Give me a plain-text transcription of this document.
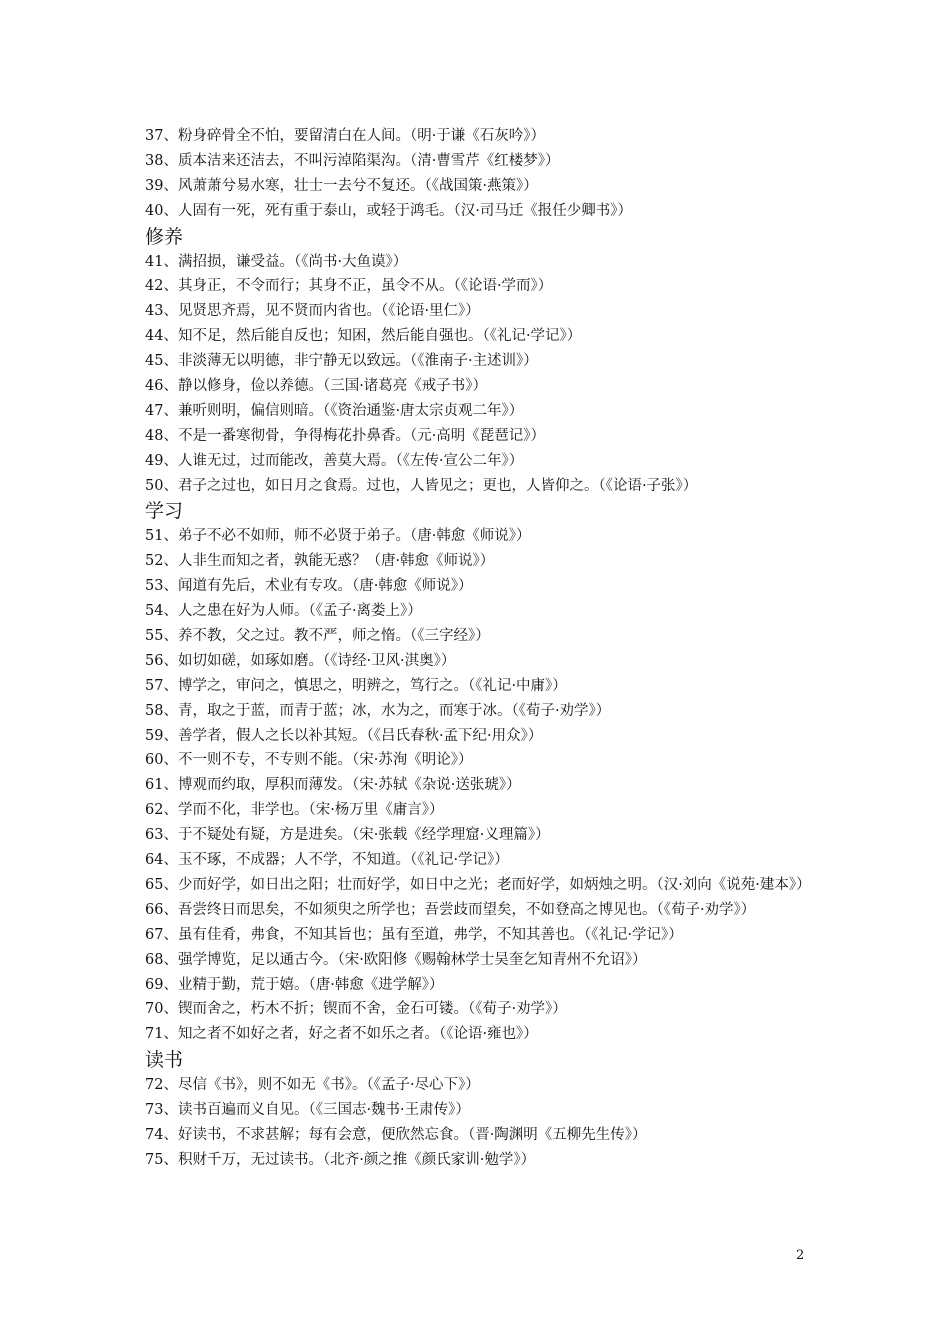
37、粉身碎骨全不怕，要留清白在人间。（明·于谦《石灰吟》）
38、质本洁来还洁去，不叫污淖陷渠沟。（清·曹雪芹《红楼梦》）
39、风萧萧兮易水寒，壮士一去兮不复还。（《战国策·燕策》）
40、人固有一死，死有重于泰山，或轻于鸿毛。（汉·司马迁《报任少卿书》）
修养
41、满招损，谦受益。（《尚书·大鱼谟》）
42、其身正，不令而行；其身不正，虽令不从。（《论语·学而》）
43、见贤思齐焉，见不贤而内省也。（《论语·里仁》）
44、知不足，然后能自反也；知困，然后能自强也。（《礼记·学记》）
45、非淡薄无以明德，非宁静无以致远。（《淮南子·主述训》）
46、静以修身，俭以养德。（三国·诸葛亮《戒子书》）
47、兼听则明，偏信则暗。（《资治通鉴·唐太宗贞观二年》）
48、不是一番寒彻骨，争得梅花扑鼻香。（元·高明《琵琶记》）
49、人谁无过，过而能改，善莫大焉。（《左传·宣公二年》）
50、君子之过也，如日月之食焉。过也，人皆见之；更也，人皆仰之。（《论语·子张》）
学习
51、弟子不必不如师，师不必贤于弟子。（唐·韩愈《师说》）
52、人非生而知之者，孰能无惑？（唐·韩愈《师说》）
53、闻道有先后，术业有专攻。（唐·韩愈《师说》）
54、人之患在好为人师。（《孟子·离娄上》）
55、养不教，父之过。教不严，师之惰。（《三字经》）
56、如切如磋，如琢如磨。（《诗经·卫风·淇奥》）
57、博学之，审问之，慎思之，明辨之，笃行之。（《礼记·中庸》）
58、青，取之于蓝，而青于蓝；冰，水为之，而寒于冰。（《荀子·劝学》）
59、善学者，假人之长以补其短。（《吕氏春秋·孟下纪·用众》）
60、不一则不专，不专则不能。（宋·苏洵《明论》）
61、博观而约取，厚积而薄发。（宋·苏轼《杂说·送张琥》）
62、学而不化，非学也。（宋·杨万里《庸言》）
63、于不疑处有疑，方是进矣。（宋·张载《经学理窟·义理篇》）
64、玉不琢，不成器；人不学，不知道。（《礼记·学记》）
65、少而好学，如日出之阳；壮而好学，如日中之光；老而好学，如炳烛之明。（汉·刘向《说苑·建本》）
66、吾尝终日而思矣，不如须臾之所学也；吾尝歧而望矣，不如登高之博见也。（《荀子·劝学》）
67、虽有佳肴，弗食，不知其旨也；虽有至道，弗学，不知其善也。（《礼记·学记》）
68、强学博览，足以通古今。（宋·欧阳修《赐翰林学士吴奎乞知青州不允诏》）
69、业精于勤，荒于嬉。（唐·韩愈《进学解》）
70、锲而舍之，朽木不折；锲而不舍，金石可镂。（《荀子·劝学》）
71、知之者不如好之者，好之者不如乐之者。（《论语·雍也》）
读书
72、尽信《书》，则不如无《书》。（《孟子·尽心下》）
73、读书百遍而义自见。（《三国志·魏书·王肃传》）
74、好读书，不求甚解；每有会意，便欣然忘食。（晋·陶渊明《五柳先生传》）
75、积财千万，无过读书。（北齐·颜之推《颜氏家训·勉学》）
2
